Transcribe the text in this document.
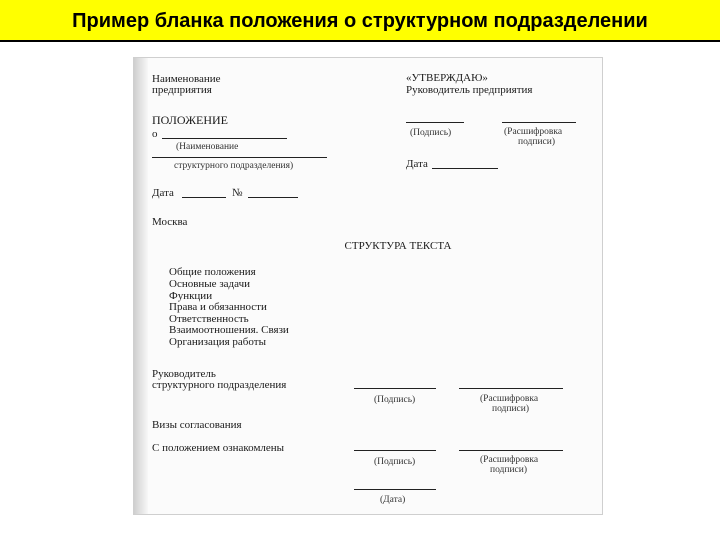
Пример бланка положения о структурном подразделении
Наименование
предприятия
«УТВЕРЖДАЮ»
Руководитель предприятия
ПОЛОЖЕНИЕ
о
(Наименование
структурного подразделения)
(Подпись)	(Расшифровка
подписи)
Дата
Дата	№
Москва
СТРУКТУРА ТЕКСТА
Общие положения
Основные задачи
Функции
Права и обязанности
Ответственность
Взаимоотношения. Связи
Организация работы
Руководитель
структурного подразделения
(Подпись)	(Расшифровка
подписи)
Визы согласования
С положением ознакомлены
(Подпись)	(Расшифровка
подписи)
(Дата)
